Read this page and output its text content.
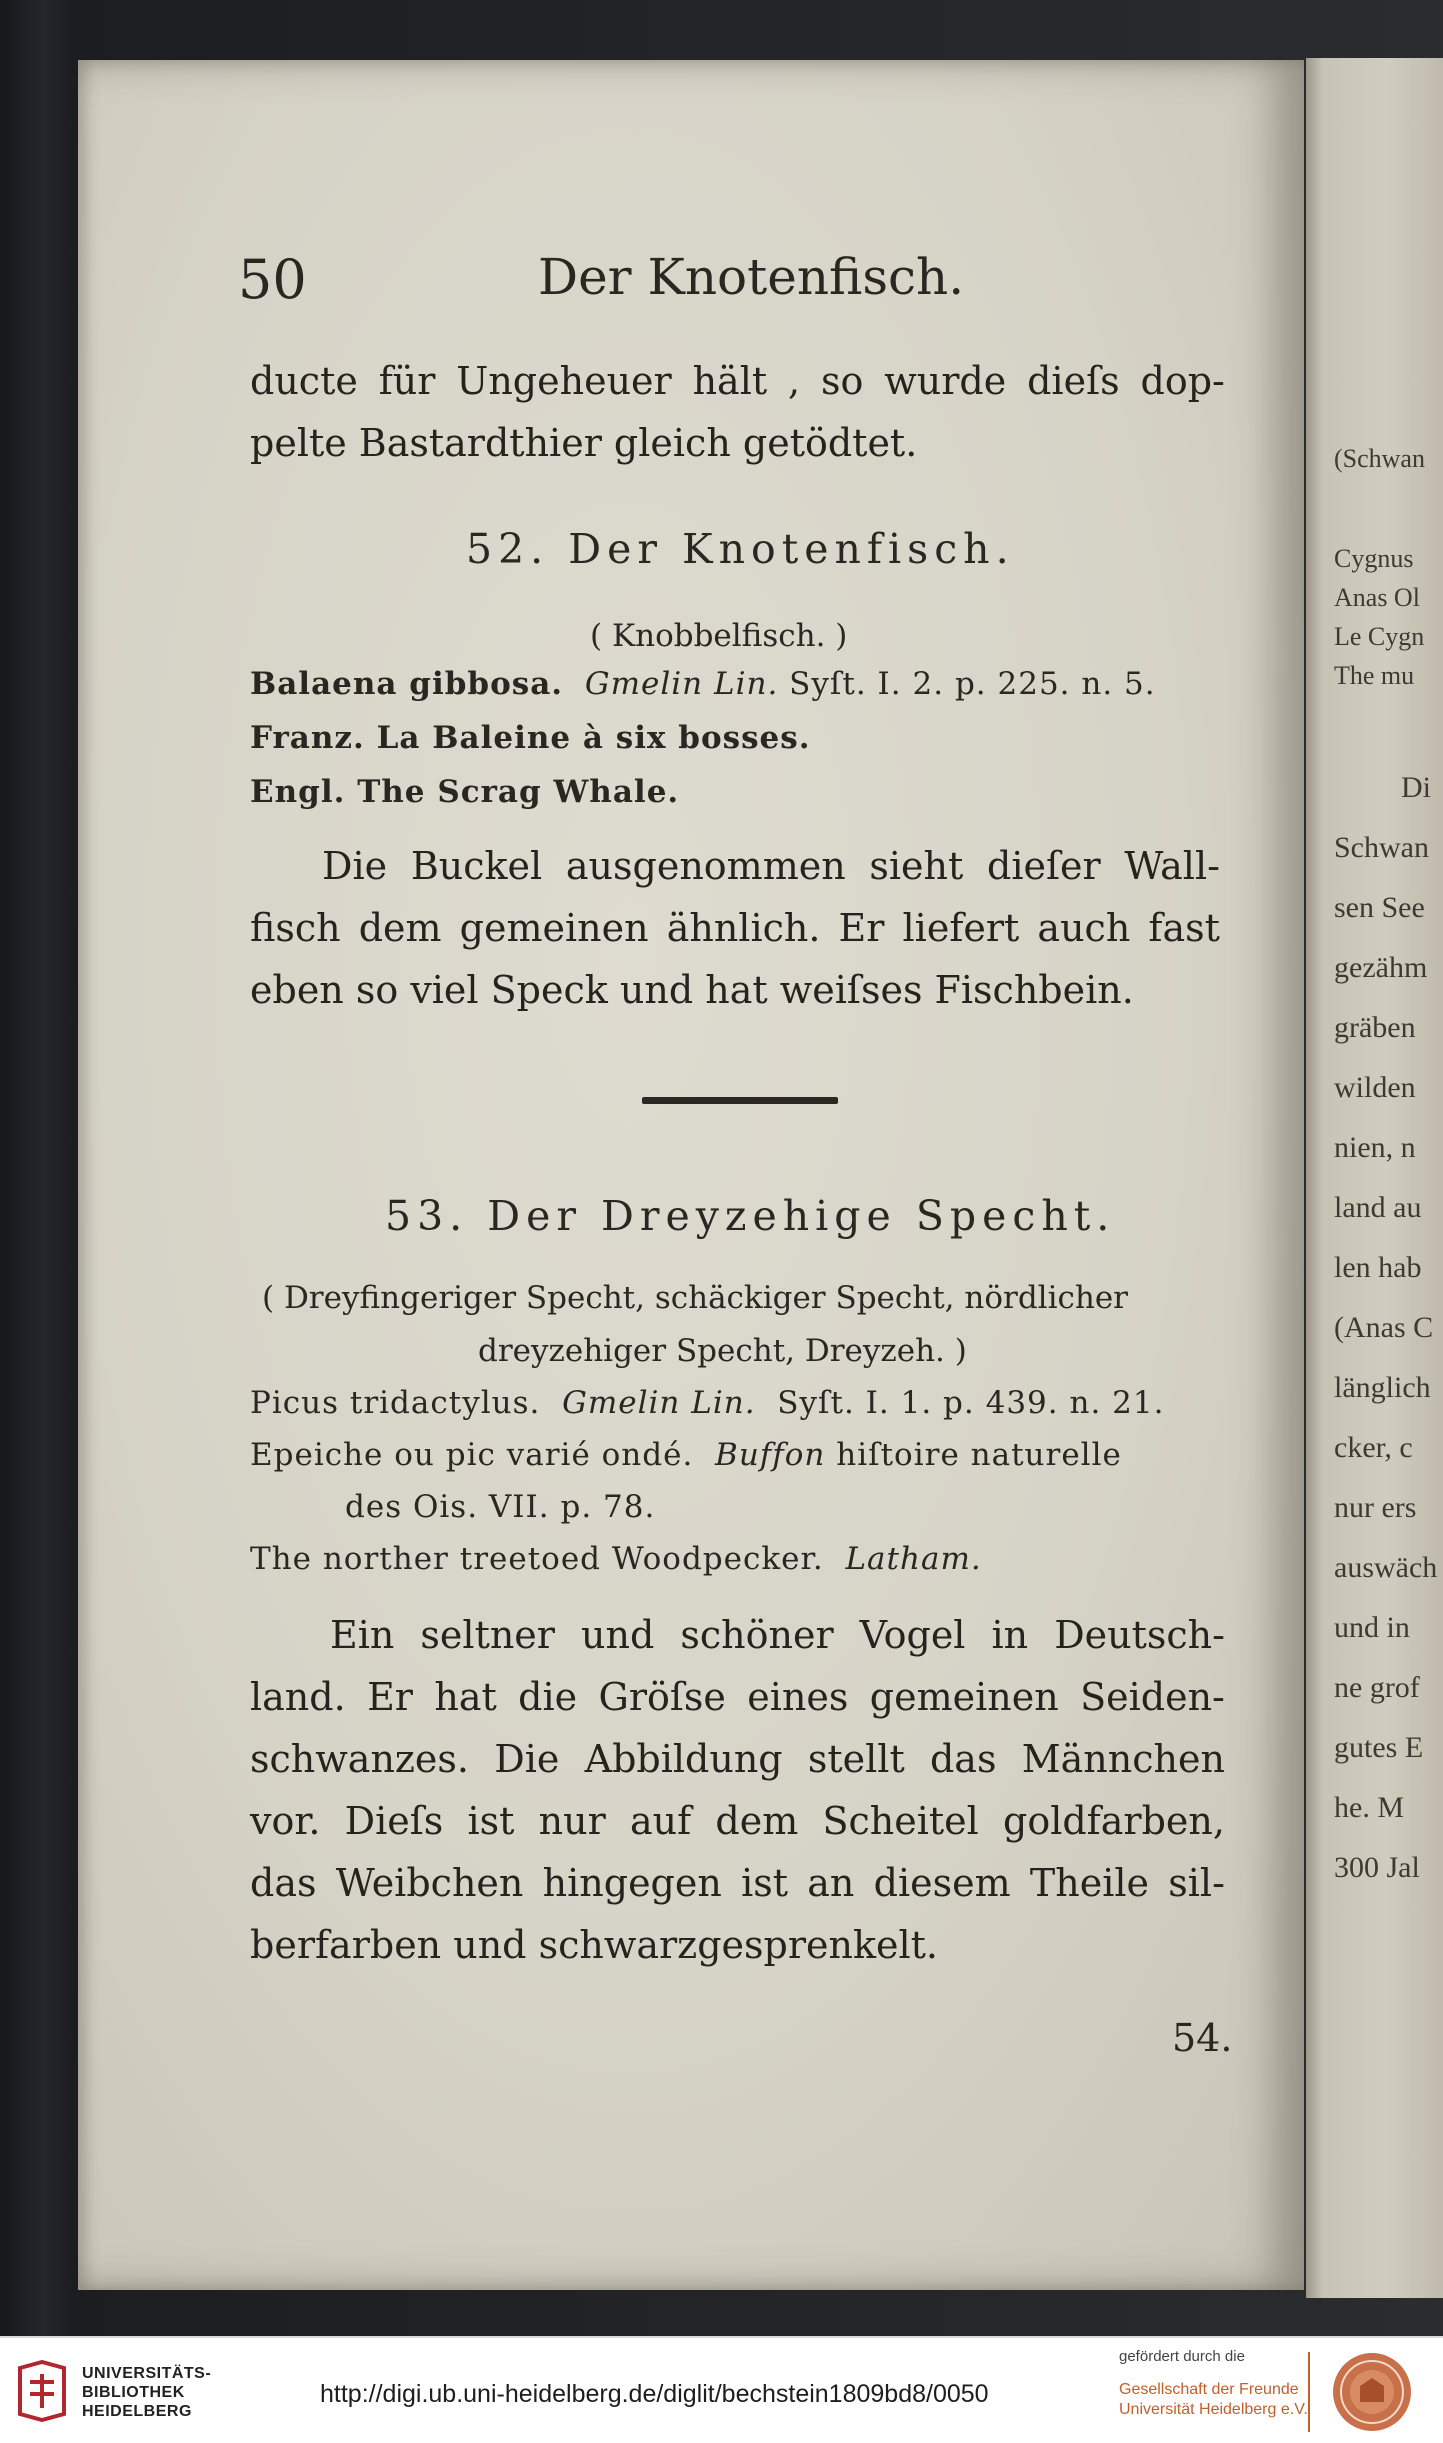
(Schwan
Cygnus
Anas Ol
Le Cygn
The mu
Di
Schwan
sen See
gezähm
gräben
wilden
nien, n
land au
len hab
(Anas C
länglich
cker, c
nur ers
auswäch
und in
ne grof
gutes E
he. M
300 Jal
50	Der Knotenfisch.
ducte für Ungeheuer hält , so wurde dieſs dop-
pelte Bastardthier gleich getödtet.
52. Der Knotenfisch.
( Knobbelfisch. )
Balaena gibbosa. Gmelin Lin. Syſt. I. 2. p. 225. n. 5.
Franz. La Baleine à six bosses.
Engl. The Scrag Whale.
Die Buckel ausgenommen sieht dieſer Wall-
fisch dem gemeinen ähnlich. Er liefert auch fast
eben so viel Speck und hat weiſses Fischbein.
53. Der Dreyzehige Specht.
( Dreyfingeriger Specht, schäckiger Specht, nördlicher
dreyzehiger Specht, Dreyzeh. )
Picus tridactylus. Gmelin Lin. Syſt. I. 1. p. 439. n. 21.
Epeiche ou pic varié ondé. Buffon hiſtoire naturelle
des Ois. VII. p. 78.
The norther treetoed Woodpecker. Latham.
Ein seltner und schöner Vogel in Deutsch-
land. Er hat die Gröſse eines gemeinen Seiden-
schwanzes. Die Abbildung stellt das Männchen
vor. Dieſs ist nur auf dem Scheitel goldfarben,
das Weibchen hingegen ist an diesem Theile sil-
berfarben und schwarzgesprenkelt.
54.
UNIVERSITÄTS-
BIBLIOTHEK
HEIDELBERG
http://digi.ub.uni-heidelberg.de/diglit/bechstein1809bd8/0050
gefördert durch die
Gesellschaft der Freunde
Universität Heidelberg e.V.
